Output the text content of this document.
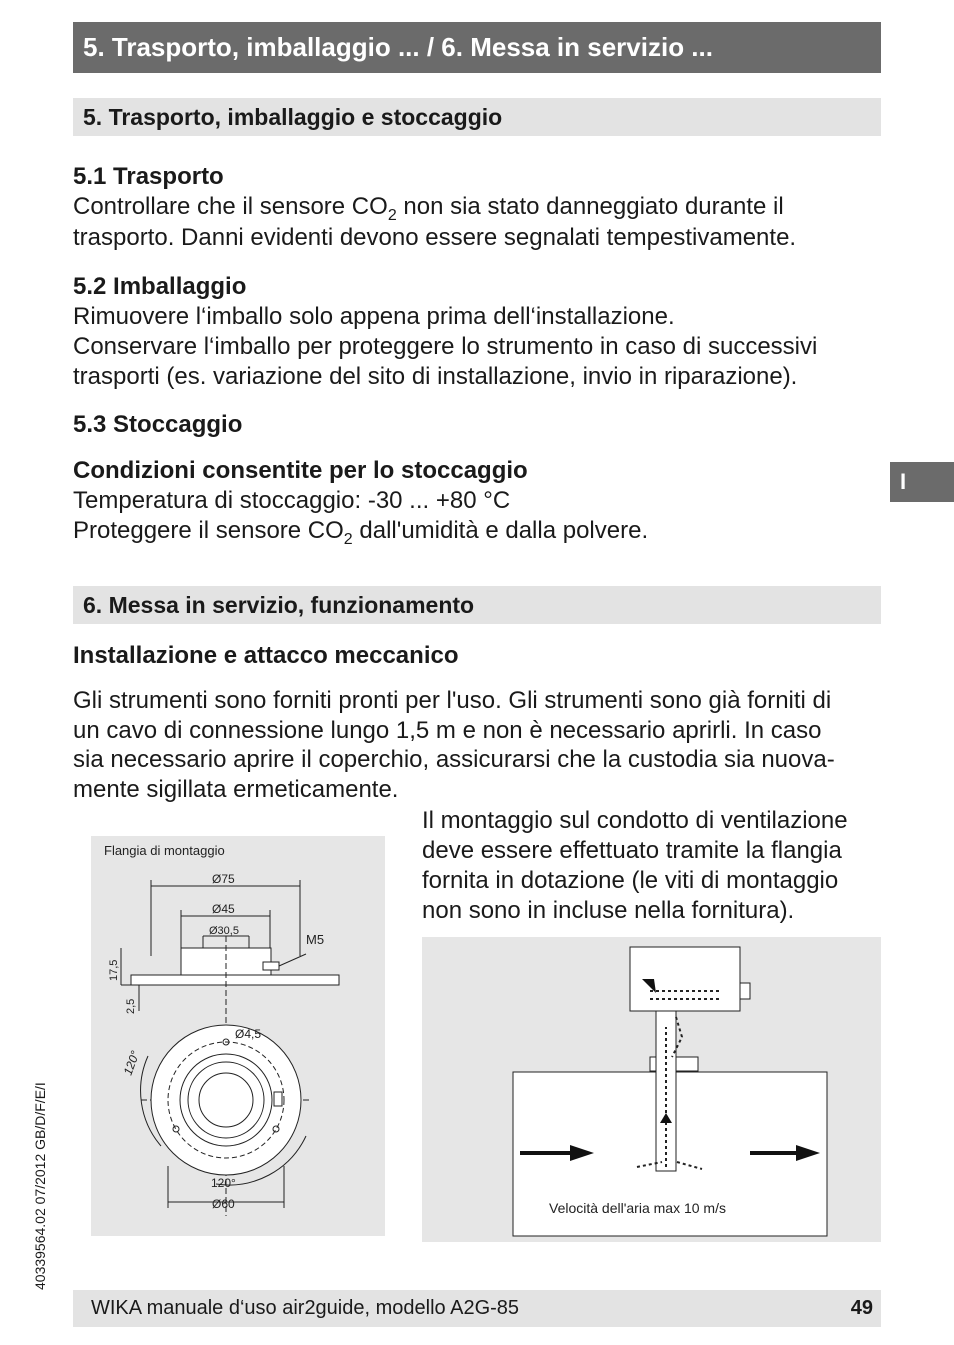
5. Trasporto, imballaggio ... / 6. Messa in servizio ...
5. Trasporto, imballaggio e stoccaggio
5.1 Trasporto
Controllare che il sensore $CO_2$ non sia stato danneggiato durante il
trasporto. Danni evidenti devono essere segnalati tempestivamente.
5.2 Imballaggio
Rimuovere l‘imballo solo appena prima dell‘installazione.
Conservare l‘imballo per proteggere lo strumento in caso di successivi
trasporti (es. variazione del sito di installazione, invio in riparazione).
5.3 Stoccaggio
Condizioni consentite per lo stoccaggio
Temperatura di stoccaggio: -30 ... +80 °C
Proteggere il sensore $CO_2$ dall'umidità e dalla polvere.
I
6. Messa in servizio, funzionamento
Installazione e attacco meccanico
Gli strumenti sono forniti pronti per l'uso. Gli strumenti sono già forniti di
un cavo di connessione lungo 1,5 m e non è necessario aprirli. In caso
sia necessario aprire il coperchio, assicurarsi che la custodia sia nuova-
mente sigillata ermeticamente.
Il montaggio sul condotto di ventilazione
deve essere effettuato tramite la flangia
fornita in dotazione (le viti di montaggio
non sono in incluse nella fornitura).
Flangia di montaggio
Ø75
Ø45
Ø30,5
M5
17,5
2,5
Ø4,5
120°
120°
Ø60	Velocità dell'aria max 10 m/s
40339564.02 07/2012 GB/D/F/E/I
WIKA manuale d‘uso air2guide, modello A2G-85	49
